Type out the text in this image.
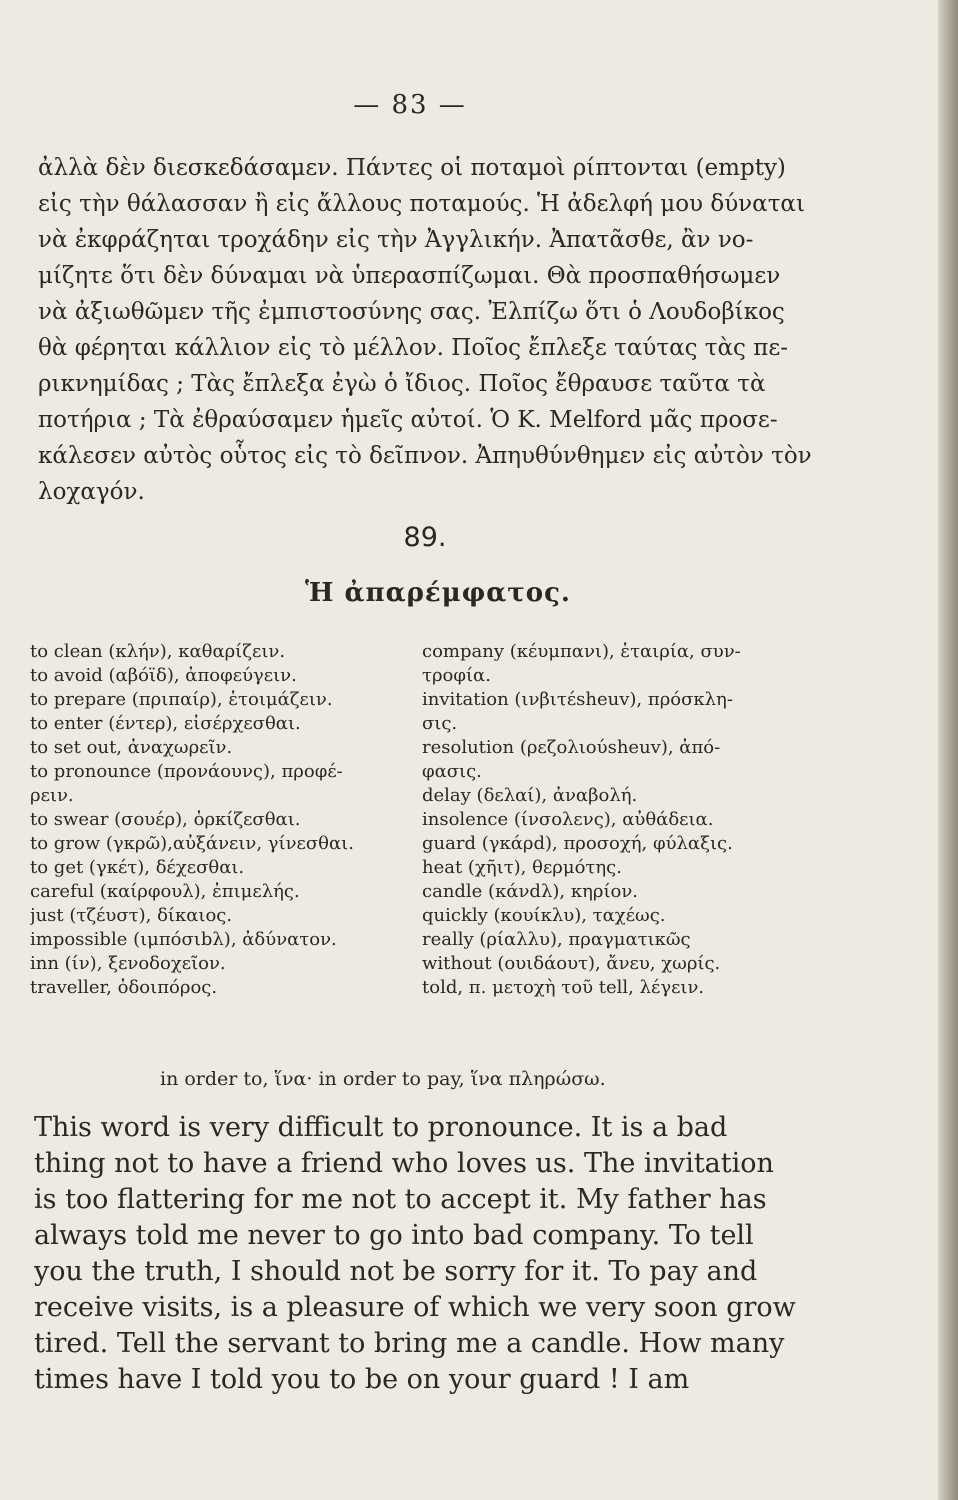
— 83 —
ἀλλὰ δὲν διεσκεδάσαμεν. Πάντες οἱ ποταμοὶ ρίπτονται (empty)
εἰς τὴν θάλασσαν ἢ εἰς ἄλλους ποταμούς. Ἡ ἀδελφή μου δύναται
νὰ ἐκφράζηται τροχάδην εἰς τὴν Ἀγγλικήν. Ἀπατᾶσθε, ἂν νο-
μίζητε ὅτι δὲν δύναμαι νὰ ὑπερασπίζωμαι. Θὰ προσπαθήσωμεν
νὰ ἀξιωθῶμεν τῆς ἐμπιστοσύνης σας. Ἐλπίζω ὅτι ὁ Λουδοβίκος
θὰ φέρηται κάλλιον εἰς τὸ μέλλον. Ποῖος ἔπλεξε ταύτας τὰς πε-
ρικνημίδας ; Τὰς ἔπλεξα ἐγὼ ὁ ἴδιος. Ποῖος ἔθραυσε ταῦτα τὰ
ποτήρια ; Τὰ ἐθραύσαμεν ἡμεῖς αὐτοί. Ὁ Κ. Melford μᾶς προσε-
κάλεσεν αὐτὸς οὗτος εἰς τὸ δεῖπνον. Ἀπηυθύνθημεν εἰς αὐτὸν τὸν
λοχαγόν.
89.
Ἡ ἀπαρέμφατος.
to clean (κλήν), καθαρίζειν.
to avoid (αβόϊδ), ἀποφεύγειν.
to prepare (πριπαίρ), ἑτοιμάζειν.
to enter (έντερ), εἰσέρχεσθαι.
to set out, ἀναχωρεῖν.
to pronounce (προνάουνς), προφέ-
ρειν.
to swear (σουέρ), ὁρκίζεσθαι.
to grow (γκρῶ),αὐξάνειν, γίνεσθαι.
to get (γκέτ), δέχεσθαι.
careful (καίρφουλ), ἐπιμελής.
just (τζέυστ), δίκαιος.
impossible (ιμπόσιbλ), ἀδύνατον.
inn (ίν), ξενοδοχεῖον.
traveller, ὁδοιπόρος.
company (κέυμπανι), ἑταιρία, συν-
τροφία.
invitation (ινβιτέsheuv), πρόσκλη-
σις.
resolution (ρεζολιούsheuv), ἀπό-
φασις.
delay (δελαί), ἀναβολή.
insolence (ίνσολενς), αὐθάδεια.
guard (γκάρd), προσοχή, φύλαξις.
heat (χῆιτ), θερμότης.
candle (κάνdλ), κηρίον.
quickly (κουίκλυ), ταχέως.
really (ρίαλλυ), πραγματικῶς
without (ουιδάουτ), ἄνευ, χωρίς.
told, π. μετοχὴ τοῦ tell, λέγειν.
in order to, ἵνα· in order to pay, ἵνα πληρώσω.
This word is very difficult to pronounce. It is a bad
thing not to have a friend who loves us. The invitation
is too flattering for me not to accept it. My father has
always told me never to go into bad company. To tell
you the truth, I should not be sorry for it. To pay and
receive visits, is a pleasure of which we very soon grow
tired. Tell the servant to bring me a candle. How many
times have I told you to be on your guard ! I am
